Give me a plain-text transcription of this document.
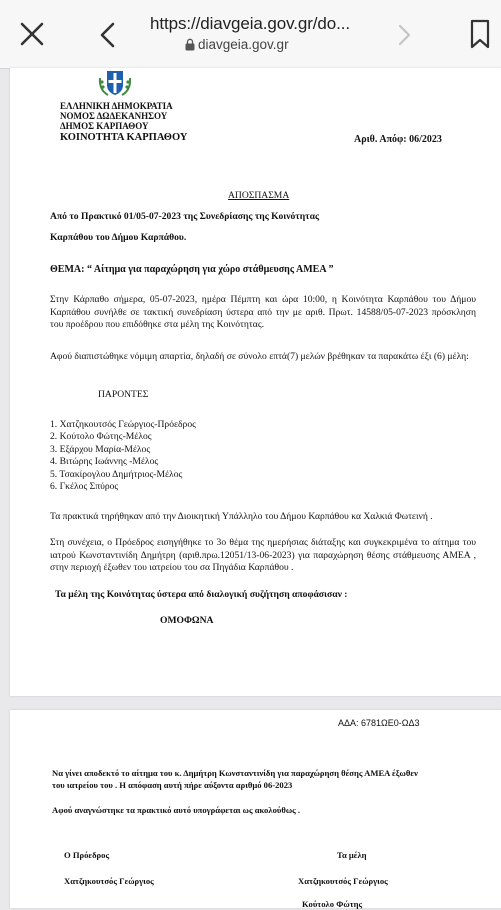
https://diavgeia.gov.gr/do...
diavgeia.gov.gr
ΕΛΛΗΝΙΚΗ ΔΗΜΟΚΡΑΤΙΑ
ΝΟΜΟΣ ΔΩΔΕΚΑΝΗΣΟΥ
ΔΗΜΟΣ ΚΑΡΠΑΘΟΥ
ΚΟΙΝΟΤΗΤΑ ΚΑΡΠΑΘΟΥ	Αριθ. Απόφ: 06/2023
ΑΠΟΣΠΑΣΜΑ
Από το Πρακτικό 01/05-07-2023 της Συνεδρίασης της Κοινότητας
Καρπάθου του Δήμου Καρπάθου.
ΘΕΜΑ: “ Αίτημα για παραχώρηση για χώρο στάθμευσης ΑΜΕΑ ”
Στην Κάρπαθο σήμερα, 05-07-2023, ημέρα Πέμπτη και ώρα 10:00, η Κοινότητα Καρπάθου του Δήμου Καρπάθου συνήλθε σε τακτική συνεδρίαση ύστερα από την με αριθ. Πρωτ. 14588/05-07-2023 πρόσκληση του προέδρου που επιδόθηκε στα μέλη της Κοινότητας.
Αφού διαπιστώθηκε νόμιμη απαρτία, δηλαδή σε σύνολο επτά(7) μελών βρέθηκαν τα παρακάτω έξι (6) μέλη:
ΠΑΡΟΝΤΕΣ
1. Χατζηκουτσός Γεώργιος-Πρόεδρος
2. Κούτολο Φώτης-Μέλος
3. Εξάρχου Μαρία-Μέλος
4. Βιτώρης Ιωάννης -Μέλος
5. Τσακίρογλου Δημήτριος-Μέλος
6. Γκέλος Σπύρος
Τα πρακτικά τηρήθηκαν από την Διοικητική Υπάλληλο του Δήμου Καρπάθου κα Χαλκιά Φωτεινή .
Στη συνέχεια, ο Πρόεδρος εισηγήθηκε το 3ο θέμα της ημερήσιας διάταξης και συγκεκριμένα το αίτημα του ιατρού Κωνσταντινίδη Δημήτρη (αριθ.πρω.12051/13-06-2023) για παραχώρηση θέσης στάθμευσης ΑΜΕΑ , στην περιοχή έξωθεν του ιατρείου του σα Πηγάδια Καρπάθου .
Τα μέλη της Κοινότητας ύστερα από διαλογική συζήτηση αποφάσισαν :
ΟΜΟΦΩΝΑ
ΑΔΑ: 6781ΩΕ0-ΩΔ3
Να γίνει αποδεκτό το αίτημα του κ. Δημήτρη Κωνσταντινίδη για παραχώρηση θέσης ΑΜΕΑ έξωθεν
του ιατρείου του . Η απόφαση αυτή πήρε αύξοντα αριθμό 06-2023
Αφού αναγνώστηκε τα πρακτικό αυτό υπογράφεται ως ακολούθως .
Ο Πρόεδρος
Χατζηκουτσός Γεώργιος
Τα μέλη
Χατζηκουτσός Γεώργιος
Κούτολο Φώτης
